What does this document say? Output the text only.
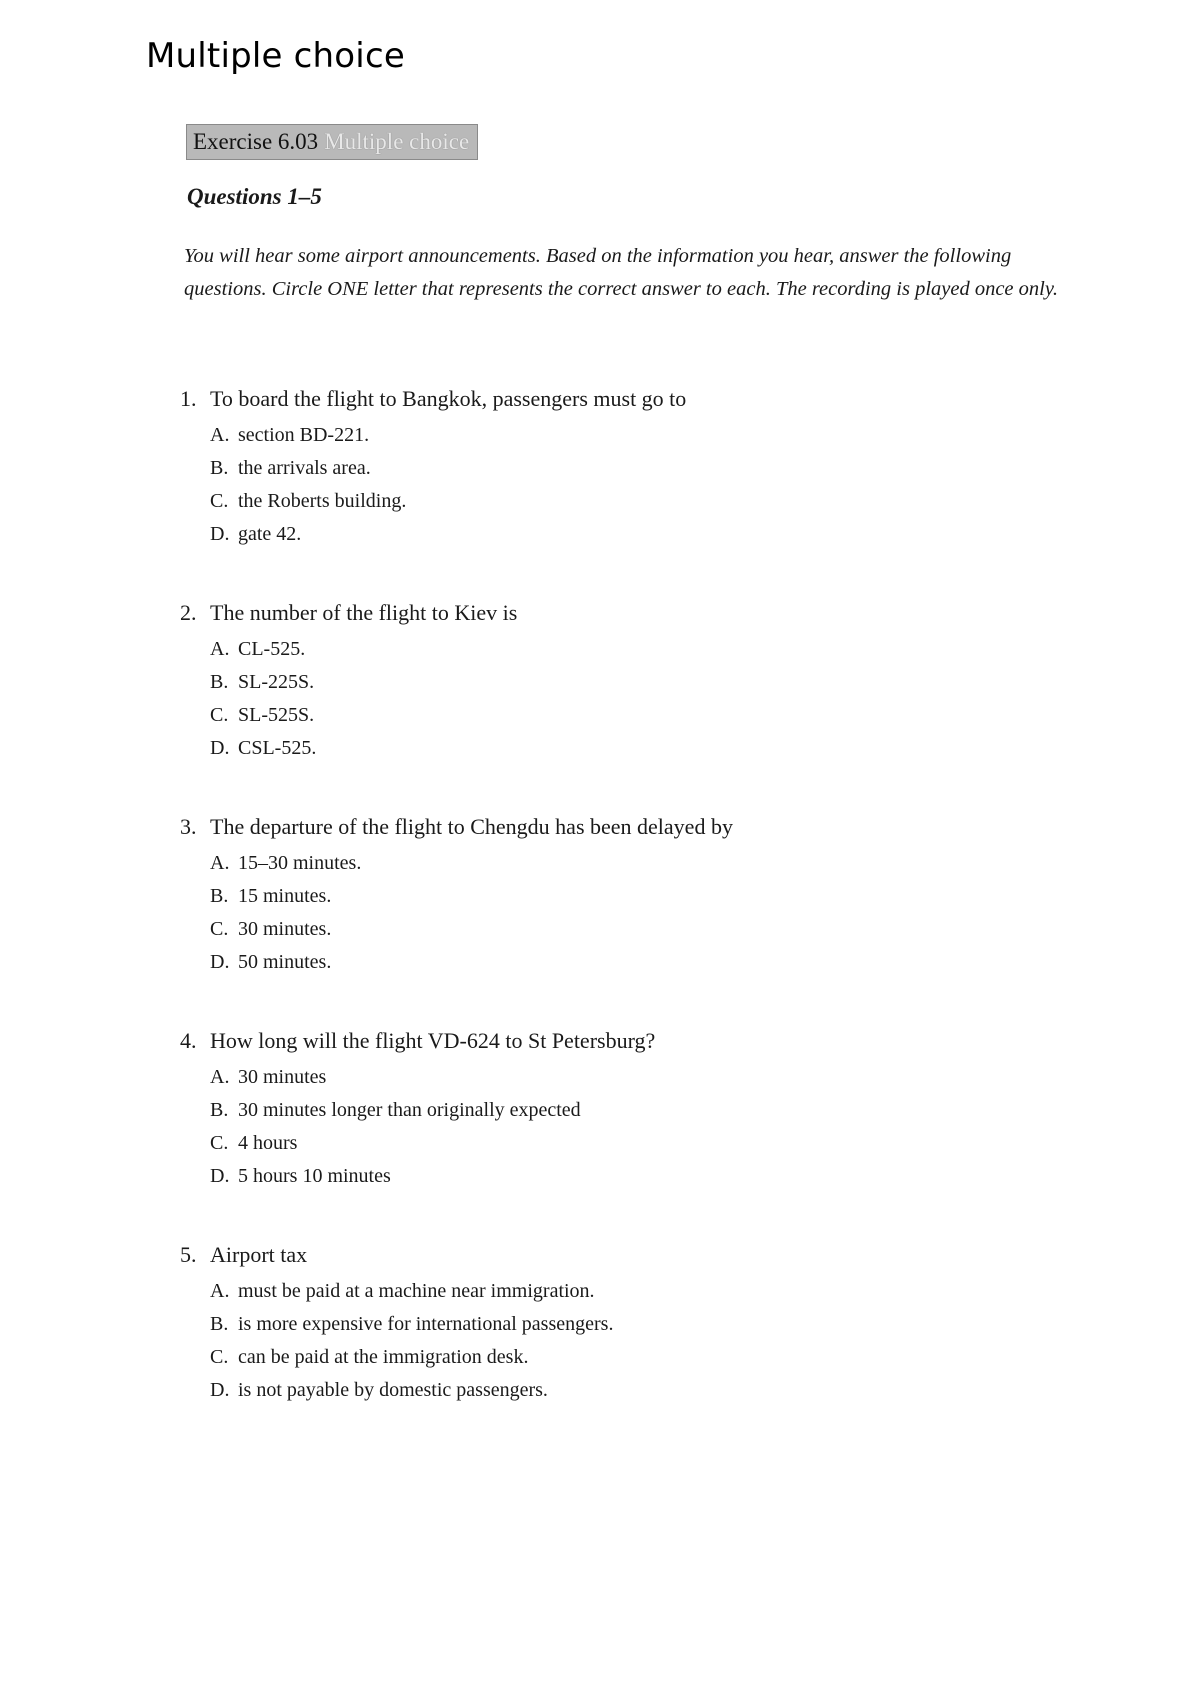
Multiple choice
Exercise 6.03 Multiple choice
Questions 1–5

You will hear some airport announcements. Based on the information you hear, answer the following questions. Circle ONE letter that represents the correct answer to each. The recording is played once only.

1. To board the flight to Bangkok, passengers must go to
A. section BD-221.
B. the arrivals area.
C. the Roberts building.
D. gate 42.
2. The number of the flight to Kiev is
A. CL-525.
B. SL-225S.
C. SL-525S.
D. CSL-525.
3. The departure of the flight to Chengdu has been delayed by
A. 15–30 minutes.
B. 15 minutes.
C. 30 minutes.
D. 50 minutes.
4. How long will the flight VD-624 to St Petersburg?
A. 30 minutes
B. 30 minutes longer than originally expected
C. 4 hours
D. 5 hours 10 minutes
5. Airport tax
A. must be paid at a machine near immigration.
B. is more expensive for international passengers.
C. can be paid at the immigration desk.
D. is not payable by domestic passengers.
